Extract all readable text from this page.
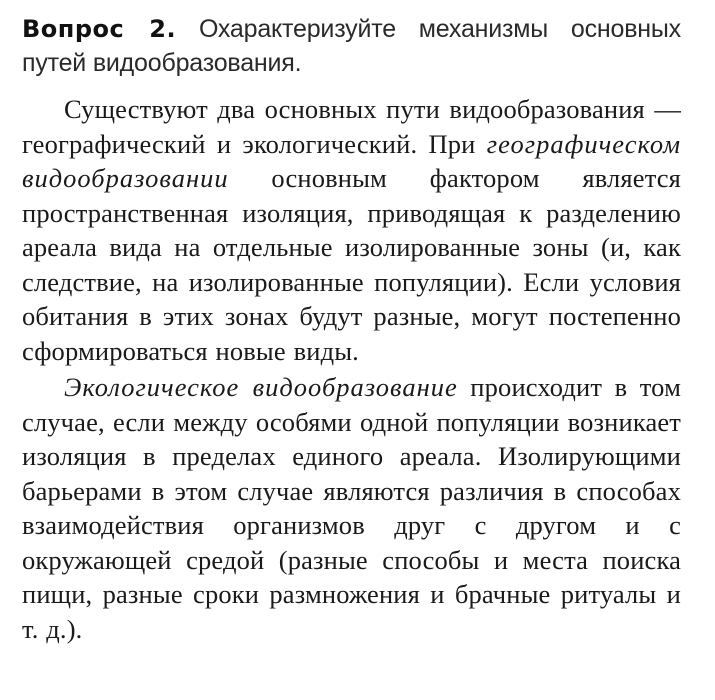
Вопрос 2. Охарактеризуйте механизмы основных путей видообразования.

Существуют два основных пути видообразования — географический и экологический. При географическом видообразовании основным фактором является пространственная изоляция, приводящая к разделению ареала вида на отдельные изолированные зоны (и, как следствие, на изолированные популяции). Если условия обитания в этих зонах будут разные, могут постепенно сформироваться новые виды.

Экологическое видообразование происходит в том случае, если между особями одной популяции возникает изоляция в пределах единого ареала. Изолирующими барьерами в этом случае являются различия в способах взаимодействия организмов друг с другом и с окружающей средой (разные способы и места поиска пищи, разные сроки размножения и брачные ритуалы и т. д.).
